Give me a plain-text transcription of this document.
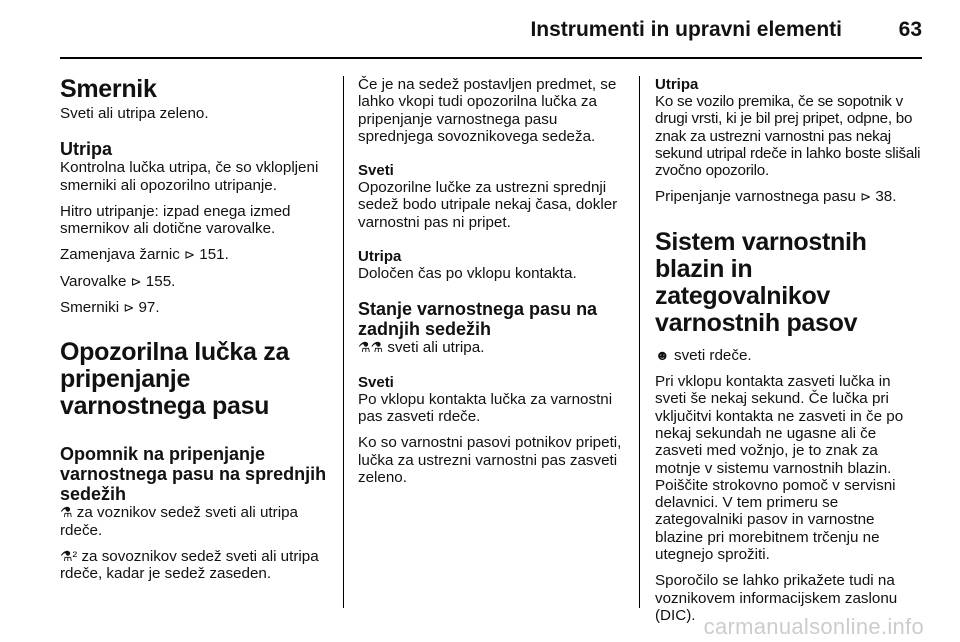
Instrumenti in upravni elementi	63
Smernik

Sveti ali utripa zeleno.

Utripa

Kontrolna lučka utripa, če so vklopljeni smerniki ali opozorilno utripanje.

Hitro utripanje: izpad enega izmed smernikov ali dotične varovalke.

Zamenjava žarnic ⊳ 151.

Varovalke ⊳ 155.

Smerniki ⊳ 97.

Opozorilna lučka za pripenjanje varnostnega pasu
Opomnik na pripenjanje varnostnega pasu na sprednjih sedežih

⚗ za voznikov sedež sveti ali utripa rdeče.

⚗² za sovoznikov sedež sveti ali utripa rdeče, kadar je sedež zaseden.

Če je na sedež postavljen predmet, se lahko vkopi tudi opozorilna lučka za pripenjanje varnostnega pasu sprednjega sovoznikovega sedeža.

Sveti

Opozorilne lučke za ustrezni sprednji sedež bodo utripale nekaj časa, dokler varnostni pas ni pripet.

Utripa

Določen čas po vklopu kontakta.

Stanje varnostnega pasu na zadnjih sedežih

⚗⚗ sveti ali utripa.

Sveti

Po vklopu kontakta lučka za varnostni pas zasveti rdeče.

Ko so varnostni pasovi potnikov pripeti, lučka za ustrezni varnostni pas zasveti zeleno.

Utripa

Ko se vozilo premika, če se sopotnik v drugi vrsti, ki je bil prej pripet, odpne, bo znak za ustrezni varnostni pas nekaj sekund utripal rdeče in lahko boste slišali zvočno opozorilo.

Pripenjanje varnostnega pasu ⊳ 38.

Sistem varnostnih blazin in zategovalnikov varnostnih pasov

☻ sveti rdeče.

Pri vklopu kontakta zasveti lučka in sveti še nekaj sekund. Če lučka pri vključitvi kontakta ne zasveti in če po nekaj sekundah ne ugasne ali če zasveti med vožnjo, je to znak za motnje v sistemu varnostnih blazin. Poiščite strokovno pomoč v servisni delavnici. V tem primeru se zategovalniki pasov in varnostne blazine pri morebitnem trčenju ne utegnejo sprožiti.

Sporočilo se lahko prikažete tudi na voznikovem informacijskem zaslonu (DIC). carmanualsonline.info
